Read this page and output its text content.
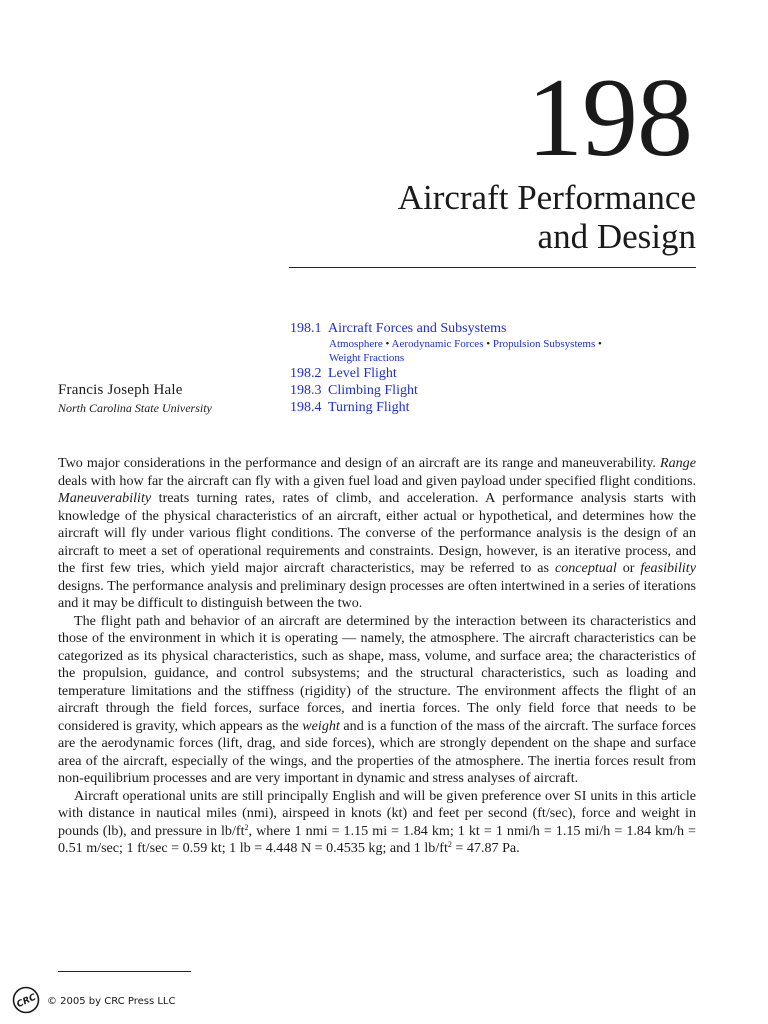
198
Aircraft Performance
and Design
198.1 Aircraft Forces and Subsystems
Atmosphere • Aerodynamic Forces • Propulsion Subsystems •
Weight Fractions
198.2 Level Flight
198.3 Climbing Flight
198.4 Turning Flight
Francis Joseph Hale
North Carolina State University

Two major considerations in the performance and design of an aircraft are its range and maneuverability. Range deals with how far the aircraft can fly with a given fuel load and given payload under specified flight conditions. Maneuverability treats turning rates, rates of climb, and acceleration. A performance analysis starts with knowledge of the physical characteristics of an aircraft, either actual or hypothetical, and determines how the aircraft will fly under various flight conditions. The converse of the performance analysis is the design of an aircraft to meet a set of operational requirements and constraints. Design, however, is an iterative process, and the first few tries, which yield major aircraft characteristics, may be referred to as conceptual or feasibility designs. The performance analysis and preliminary design processes are often intertwined in a series of iterations and it may be difficult to distinguish between the two.

The flight path and behavior of an aircraft are determined by the interaction between its characteristics and those of the environment in which it is operating — namely, the atmosphere. The aircraft characteristics can be categorized as its physical characteristics, such as shape, mass, volume, and surface area; the characteristics of the propulsion, guidance, and control subsystems; and the structural characteristics, such as loading and temperature limitations and the stiffness (rigidity) of the structure. The environment affects the flight of an aircraft through the field forces, surface forces, and inertia forces. The only field force that needs to be considered is gravity, which appears as the weight and is a function of the mass of the aircraft. The surface forces are the aerodynamic forces (lift, drag, and side forces), which are strongly dependent on the shape and surface area of the aircraft, especially of the wings, and the properties of the atmosphere. The inertia forces result from non-equilibrium processes and are very important in dynamic and stress analyses of aircraft.

Aircraft operational units are still principally English and will be given preference over SI units in this article with distance in nautical miles (nmi), airspeed in knots (kt) and feet per second (ft/sec), force and weight in pounds (lb), and pressure in $lb/ft^2$, where 1 nmi = 1.15 mi = 1.84 km; 1 kt = 1 nmi/h = 1.15 mi/h = 1.84 km/h = 0.51 m/sec; 1 ft/sec = 0.59 kt; 1 lb = 4.448 N = 0.4535 kg; and 1 $lb/ft^2 = 47.87$ Pa.

CRC © 2005 by CRC Press LLC
